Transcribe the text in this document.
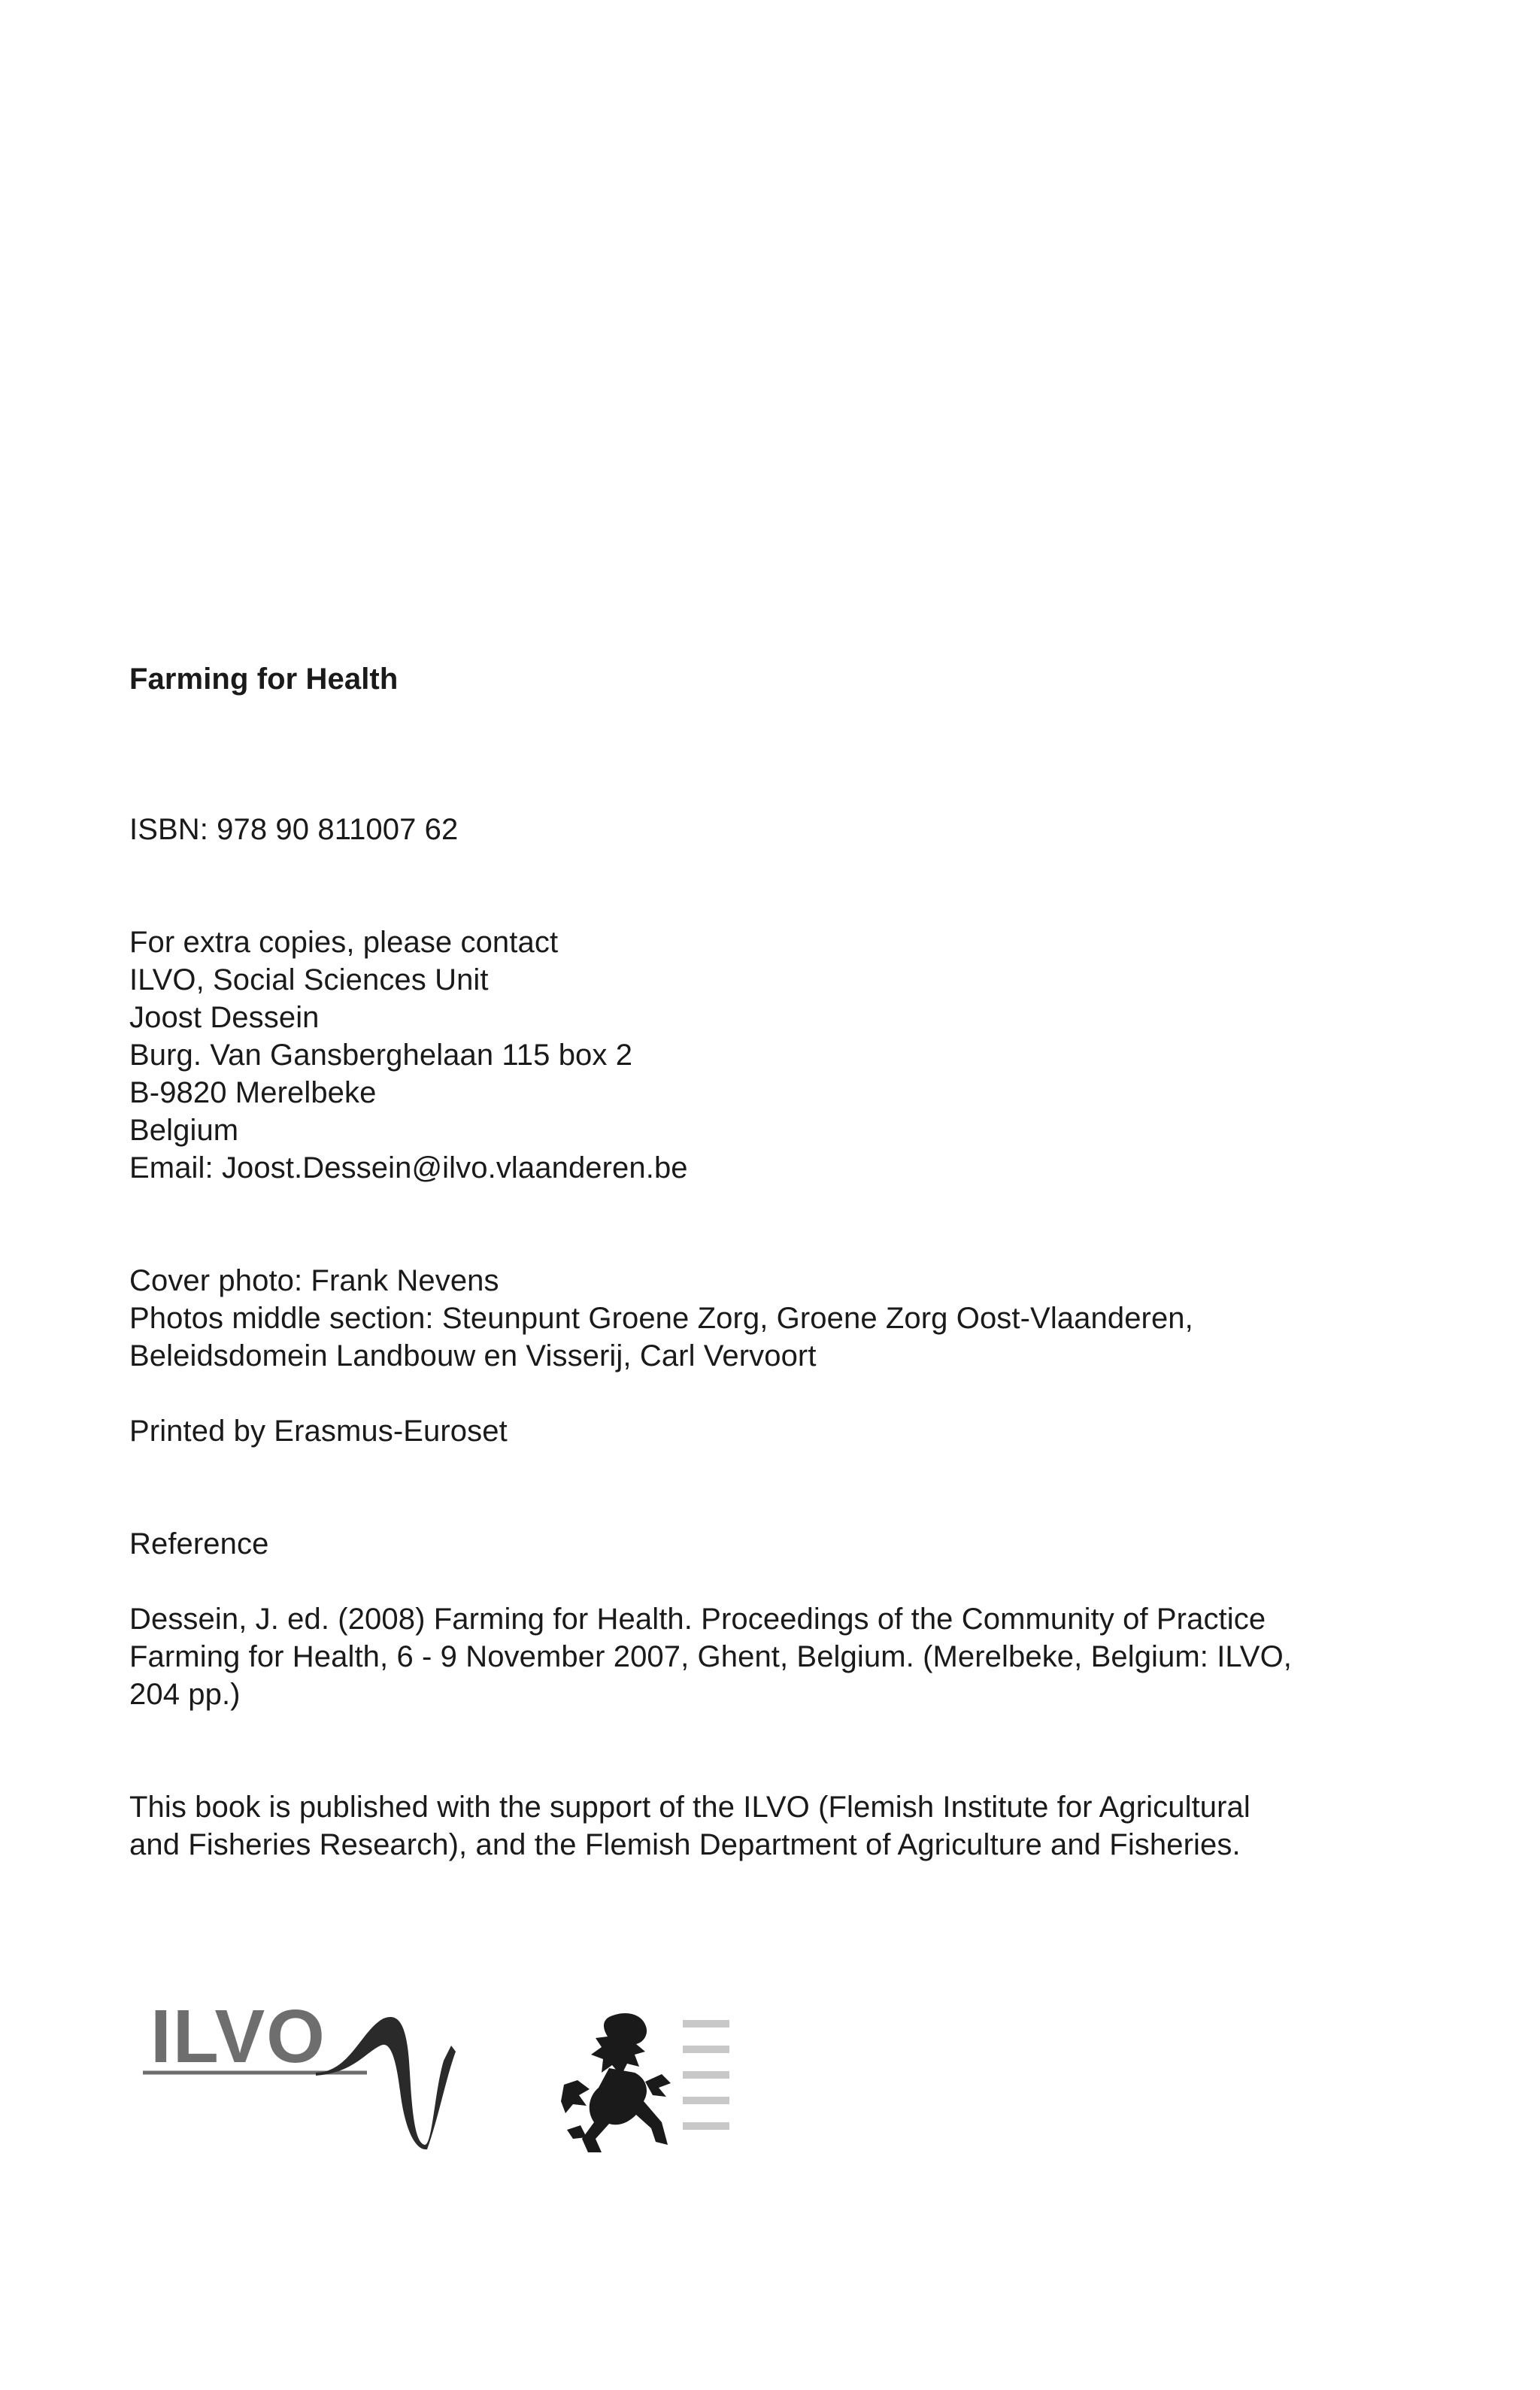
Farming for Health

ISBN: 978 90 811007 62

For extra copies, please contact

ILVO, Social Sciences Unit

Joost Dessein

Burg. Van Gansberghelaan 115 box 2

B-9820 Merelbeke

Belgium

Email: Joost.Dessein@ilvo.vlaanderen.be

Cover photo: Frank Nevens

Photos middle section: Steunpunt Groene Zorg, Groene Zorg Oost-Vlaanderen,

Beleidsdomein Landbouw en Visserij, Carl Vervoort

Printed by Erasmus-Euroset

Reference

Dessein, J. ed. (2008) Farming for Health. Proceedings of the Community of Practice

Farming for Health, 6 - 9 November 2007, Ghent, Belgium. (Merelbeke, Belgium: ILVO,

204 pp.)

This book is published with the support of the ILVO (Flemish Institute for Agricultural

and Fisheries Research), and the Flemish Department of Agriculture and Fisheries.

ILVO
